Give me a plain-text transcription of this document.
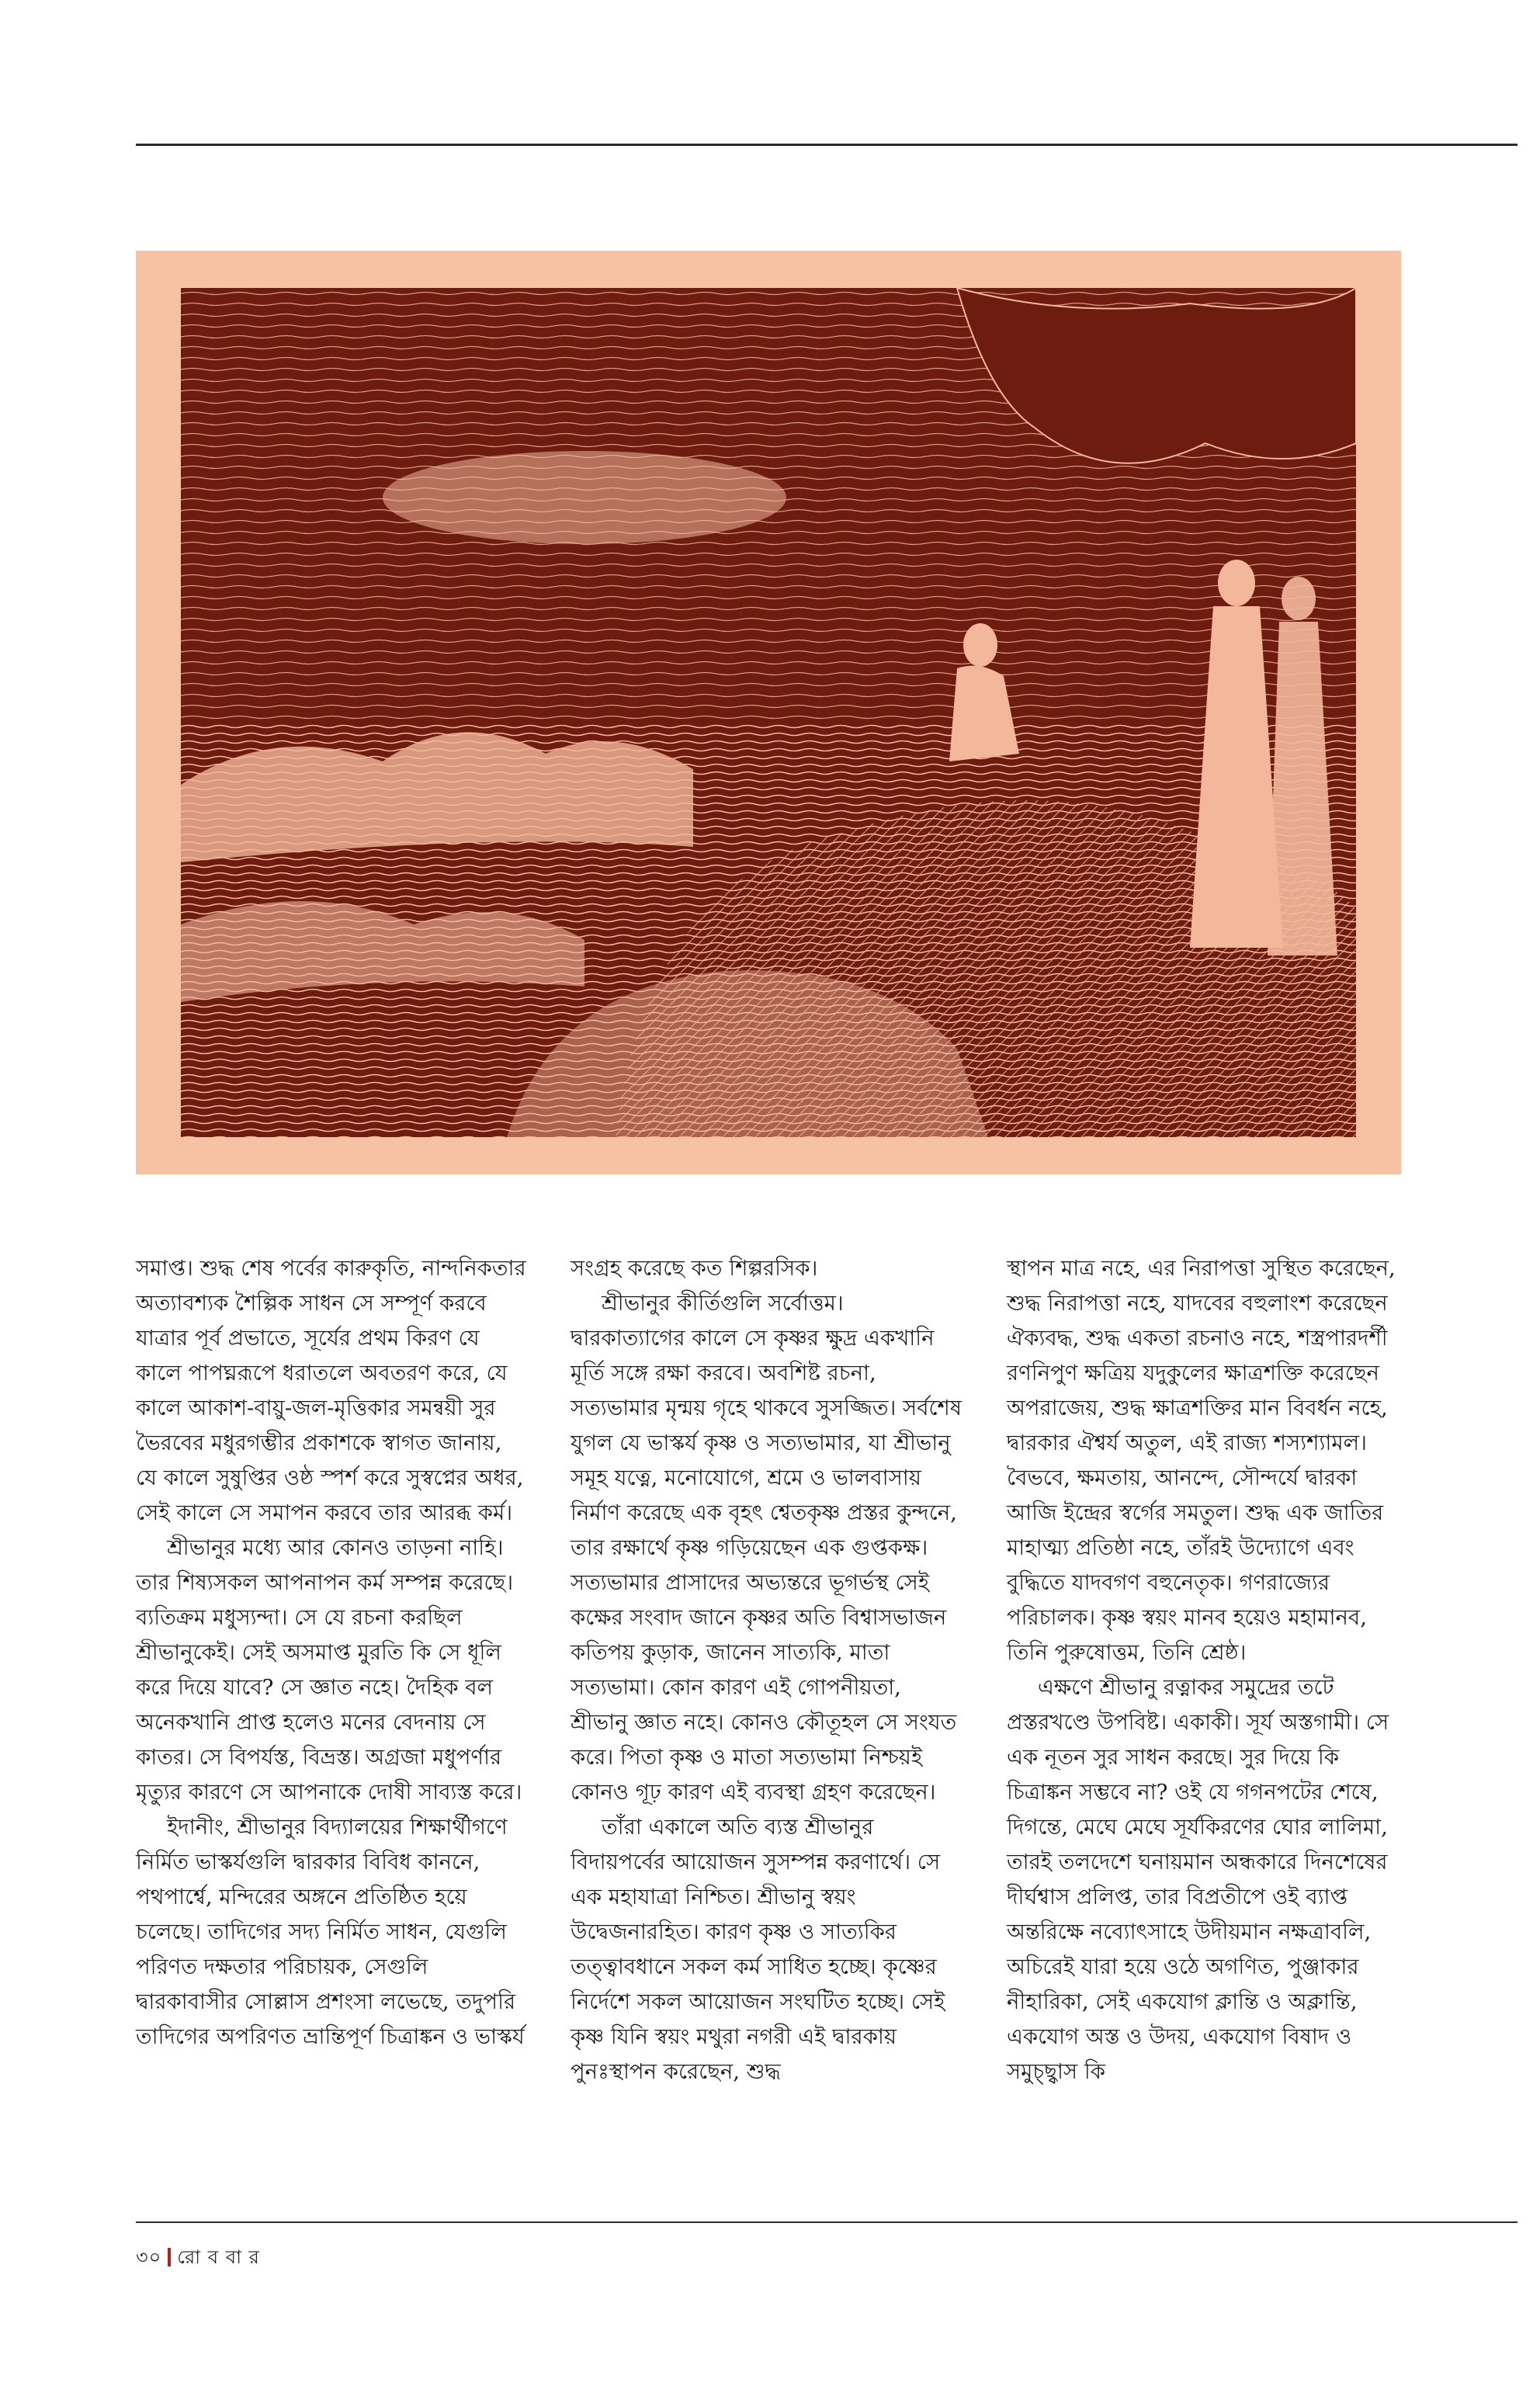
সমাপ্ত। শুদ্ধ শেষ পর্বের কারুকৃতি, নান্দনিকতার অত্যাবশ্যক শৈল্পিক সাধন সে সম্পূর্ণ করবে যাত্রার পূর্ব প্রভাতে, সূর্যের প্রথম কিরণ যে কালে পাপঘ্নরূপে ধরাতলে অবতরণ করে, যে কালে আকাশ-বায়ু-জল-মৃত্তিকার সমন্বয়ী সুর ভৈরবের মধুরগম্ভীর প্রকাশকে স্বাগত জানায়, যে কালে সুষুপ্তির ওষ্ঠ স্পর্শ করে সুস্বপ্নের অধর, সেই কালে সে সমাপন করবে তার আরব্ধ কর্ম।

শ্রীভানুর মধ্যে আর কোনও তাড়না নাহি। তার শিষ্যসকল আপনাপন কর্ম সম্পন্ন করেছে। ব্যতিক্রম মধুস্যন্দা। সে যে রচনা করছিল শ্রীভানুকেই। সেই অসমাপ্ত মুরতি কি সে ধূলি করে দিয়ে যাবে? সে জ্ঞাত নহে। দৈহিক বল অনেকখানি প্রাপ্ত হলেও মনের বেদনায় সে কাতর। সে বিপর্যস্ত, বিভ্রস্ত। অগ্রজা মধুপর্ণার মৃত্যুর কারণে সে আপনাকে দোষী সাব্যস্ত করে।

ইদানীং, শ্রীভানুর বিদ্যালয়ের শিক্ষার্থীগণে নির্মিত ভাস্কর্যগুলি দ্বারকার বিবিধ কাননে, পথপার্শ্বে, মন্দিরের অঙ্গনে প্রতিষ্ঠিত হয়ে চলেছে। তাদিগের সদ্য নির্মিত সাধন, যেগুলি পরিণত দক্ষতার পরিচায়ক, সেগুলি দ্বারকাবাসীর সোল্লাস প্রশংসা লভেছে, তদুপরি তাদিগের অপরিণত ভ্রান্তিপূর্ণ চিত্রাঙ্কন ও ভাস্কর্য

সংগ্রহ করেছে কত শিল্পরসিক।

শ্রীভানুর কীর্তিগুলি সর্বোত্তম। দ্বারকাত্যাগের কালে সে কৃষ্ণর ক্ষুদ্র একখানি মূর্তি সঙ্গে রক্ষা করবে। অবশিষ্ট রচনা, সত্যভামার মৃন্ময় গৃহে থাকবে সুসজ্জিত। সর্বশেষ যুগল যে ভাস্কর্য কৃষ্ণ ও সত্যভামার, যা শ্রীভানু সমূহ যত্নে, মনোযোগে, শ্রমে ও ভালবাসায় নির্মাণ করেছে এক বৃহৎ শ্বেতকৃষ্ণ প্রস্তর কুন্দনে, তার রক্ষার্থে কৃষ্ণ গড়িয়েছেন এক গুপ্তকক্ষ। সত্যভামার প্রাসাদের অভ্যন্তরে ভূগর্ভস্থ সেই কক্ষের সংবাদ জানে কৃষ্ণর অতি বিশ্বাসভাজন কতিপয় কুড়াক, জানেন সাত্যকি, মাতা সত্যভামা। কোন কারণ এই গোপনীয়তা, শ্রীভানু জ্ঞাত নহে। কোনও কৌতূহল সে সংযত করে। পিতা কৃষ্ণ ও মাতা সত্যভামা নিশ্চয়ই কোনও গূঢ় কারণ এই ব্যবস্থা গ্রহণ করেছেন।

তাঁরা একালে অতি ব্যস্ত শ্রীভানুর বিদায়পর্বের আয়োজন সুসম্পন্ন করণার্থে। সে এক মহাযাত্রা নিশ্চিত। শ্রীভানু স্বয়ং উদ্বেজনারহিত। কারণ কৃষ্ণ ও সাত্যকির তত্ত্বাবধানে সকল কর্ম সাধিত হচ্ছে। কৃষ্ণের নির্দেশে সকল আয়োজন সংঘটিত হচ্ছে। সেই কৃষ্ণ যিনি স্বয়ং মথুরা নগরী এই দ্বারকায় পুনঃস্থাপন করেছেন, শুদ্ধ

স্থাপন মাত্র নহে, এর নিরাপত্তা সুস্থিত করেছেন, শুদ্ধ নিরাপত্তা নহে, যাদবের বহুলাংশ করেছেন ঐক্যবদ্ধ, শুদ্ধ একতা রচনাও নহে, শস্ত্রপারদর্শী রণনিপুণ ক্ষত্রিয় যদুকুলের ক্ষাত্রশক্তি করেছেন অপরাজেয়, শুদ্ধ ক্ষাত্রশক্তির মান বিবর্ধন নহে, দ্বারকার ঐশ্বর্য অতুল, এই রাজ্য শস্যশ্যামল। বৈভবে, ক্ষমতায়, আনন্দে, সৌন্দর্যে দ্বারকা আজি ইন্দ্রের স্বর্গের সমতুল। শুদ্ধ এক জাতির মাহাত্ম্য প্রতিষ্ঠা নহে, তাঁরই উদ্যোগে এবং বুদ্ধিতে যাদবগণ বহুনেতৃক। গণরাজ্যের পরিচালক। কৃষ্ণ স্বয়ং মানব হয়েও মহামানব, তিনি পুরুষোত্তম, তিনি শ্রেষ্ঠ।

এক্ষণে শ্রীভানু রত্নাকর সমুদ্রের তটে প্রস্তরখণ্ডে উপবিষ্ট। একাকী। সূর্য অস্তগামী। সে এক নূতন সুর সাধন করছে। সুর দিয়ে কি চিত্রাঙ্কন সম্ভবে না? ওই যে গগনপটের শেষে, দিগন্তে, মেঘে মেঘে সূর্যকিরণের ঘোর লালিমা, তারই তলদেশে ঘনায়মান অন্ধকারে দিনশেষের দীর্ঘশ্বাস প্রলিপ্ত, তার বিপ্রতীপে ওই ব্যাপ্ত অন্তরিক্ষে নব্যোৎসাহে উদীয়মান নক্ষত্রাবলি, অচিরেই যারা হয়ে ওঠে অগণিত, পুঞ্জাকার নীহারিকা, সেই একযোগ ক্লান্তি ও অক্লান্তি, একযোগ অস্ত ও উদয়, একযোগ বিষাদ ও সমুচ্ছ্বাস কি

৩০ রো ব বা র
